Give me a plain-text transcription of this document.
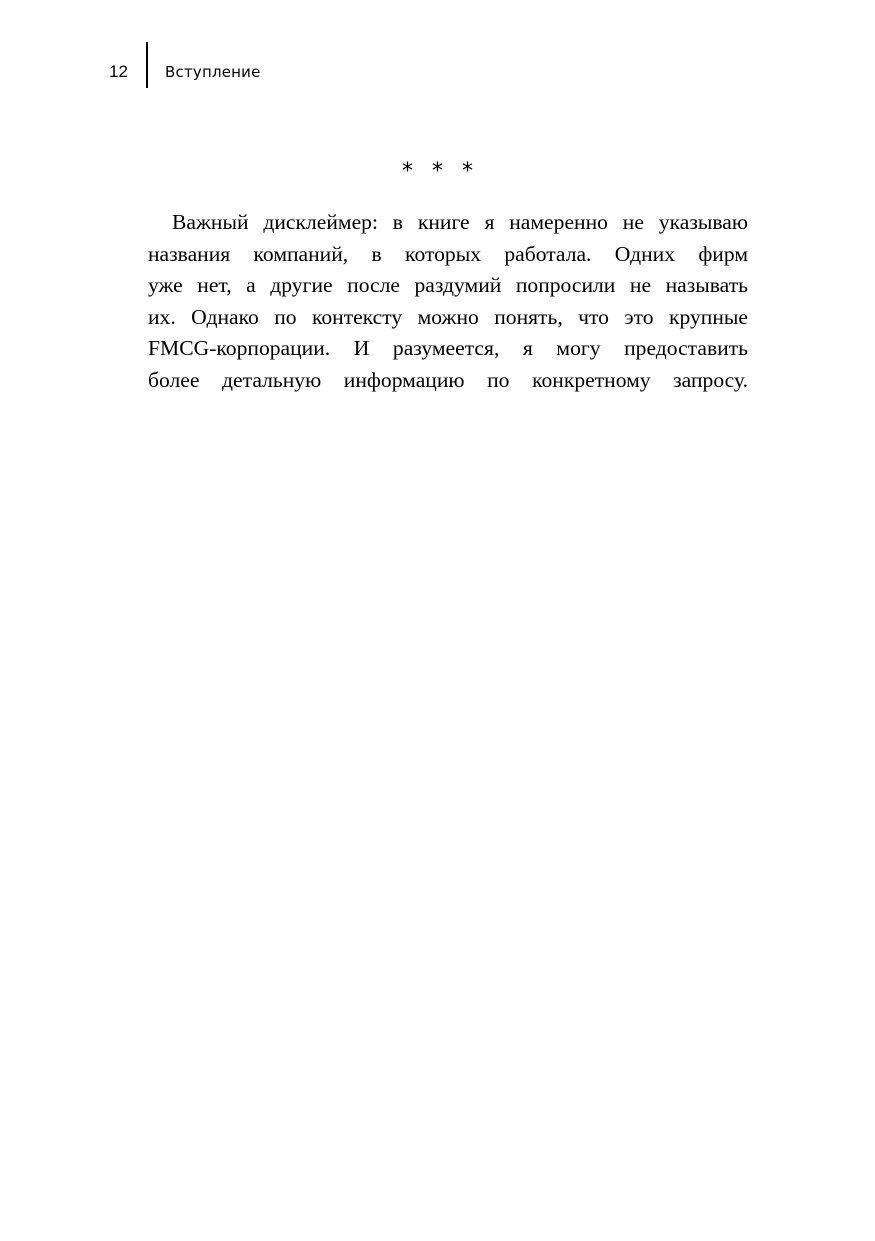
12 Вступление
* * *

Важный дисклеймер: в книге я намеренно не указываю
названия компаний, в которых работала. Одних фирм
уже нет, а другие после раздумий попросили не называть
их. Однако по контексту можно понять, что это крупные
FMCG-корпорации. И разумеется, я могу предоставить
более детальную информацию по конкретному запросу.
